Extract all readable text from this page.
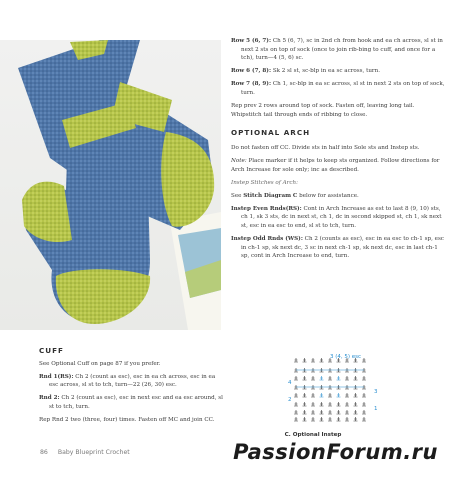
Row 5 (6, 7): Ch 5 (6, 7), sc in 2nd ch from hook and ea ch across, sl st in next 2 sts on top of sock (once to join rib-bing to cuff, and once for a tch), turn—4 (5, 6) sc.

Row 6 (7, 8): Sk 2 sl st, sc-blp in ea sc across, turn.

Row 7 (8, 9): Ch 1, sc-blp in ea sc across, sl st in next 2 sts on top of sock, turn.

Rep prev 2 rows around top of sock. Fasten off, leaving long tail. Whipstitch tail through ends of ribbing to close.

OPTIONAL ARCH

Do not fasten off CC. Divide sts in half into Sole sts and Instep sts.

Note: Place marker if it helps to keep sts organized. Follow directions for Arch Increase for sole only; inc as described.

Instep Stitches of Arch:

See Stitch Diagram C below for assistance.

Instep Even Rnds(RS): Cont in Arch Increase as est to last 8 (9, 10) sts, ch 1, sk 3 sts, dc in next st, ch 1, dc in second skipped st, ch 1, sk next st, esc in ea esc to end, sl st to tch, turn.

Instep Odd Rnds (WS): Ch 2 (counts as esc), esc in ea esc to ch-1 sp, esc in ch-1 sp, sk next dc, 3 sc in next ch-1 sp, sk next dc, esc in last ch-1 sp, cont in Arch Increase to end, turn.

CUFF

See Optional Cuff on page 87 if you prefer.

Rnd 1(RS): Ch 2 (count as esc), esc in ea ch across, esc in ea esc across, sl st to tch, turn—22 (26, 30) esc.

Rnd 2: Ch 2 (count as esc), esc in next esc and ea esc around, sl st to tch, turn.

Rep Rnd 2 two (three, four) times. Fasten off MC and join CC.

3 (4, 5) esc
4
2
3
1
C. Optional Instep
86 Baby Blueprint Crochet	PassionForum.ru
